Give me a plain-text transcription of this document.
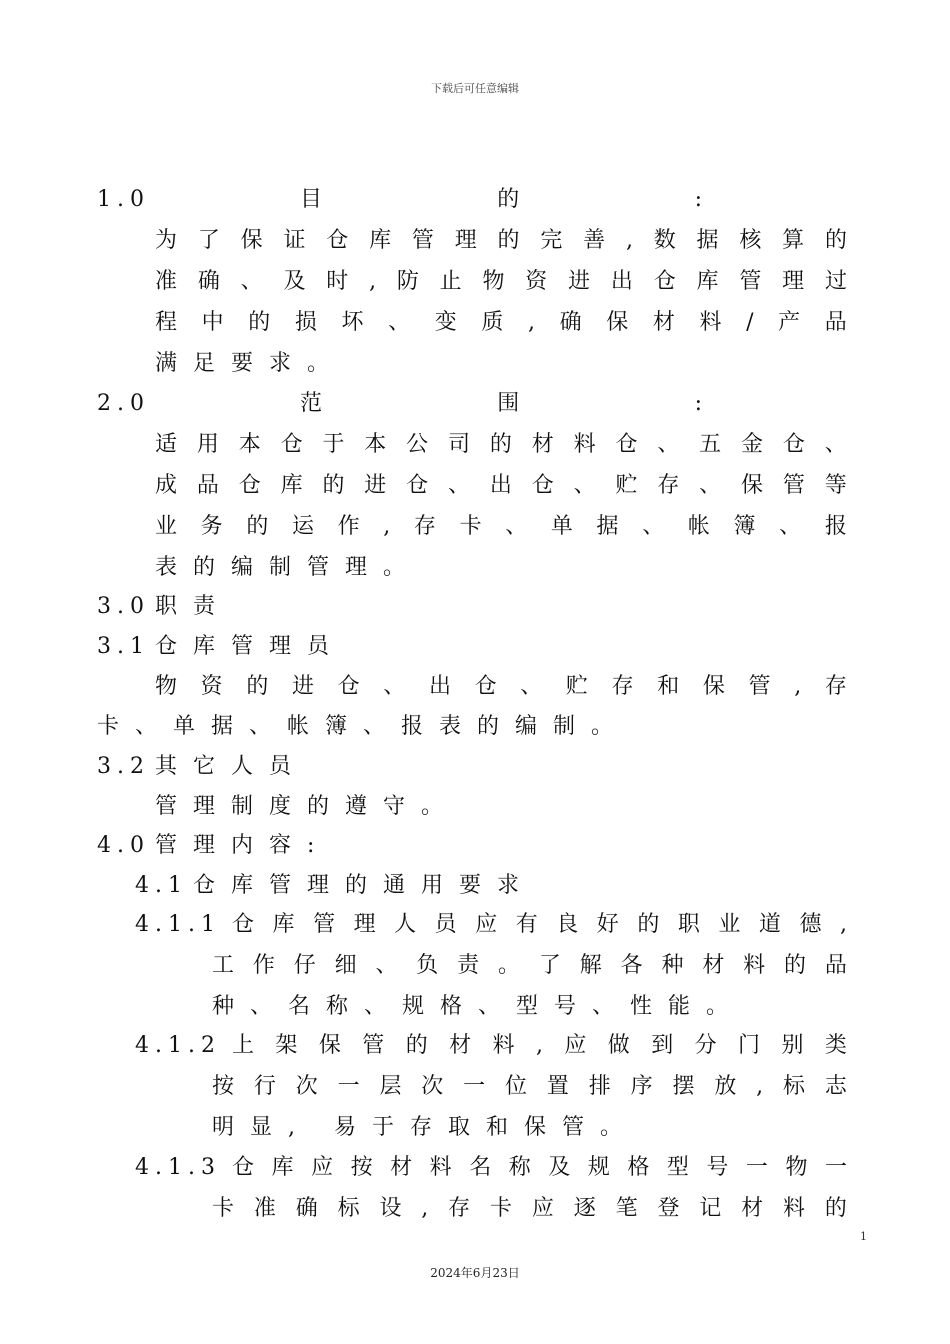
下载后可任意编辑
1.0	目	的	:
为 了 保 证 仓 库 管 理 的 完 善 , 数 据 核 算 的
准 确 、 及 时 , 防 止 物 资 进 出 仓 库 管 理 过
程 中 的 损 坏 、 变 质 , 确 保 材 料 / 产 品
满足要求。
2.0	范	围	:
适 用 本 仓 于 本 公 司 的 材 料 仓 、 五 金 仓 、
成 品 仓 库 的 进 仓 、 出 仓 、 贮 存 、 保 管 等
业 务 的 运 作 , 存 卡 、 单 据 、 帐 簿 、 报
表的编制管理。
3.0 职责
3.1 仓库管理员
物 资 的 进 仓 、 出 仓 、 贮 存 和 保 管 , 存
卡、单据、帐簿、报表的编制。
3.2 其它人员
管理制度的遵守。
4.0 管理内容:
4.1 仓库管理的通用要求
4.1.1 仓 库 管 理 人 员 应 有 良 好 的 职 业 道 德 ,
工 作 仔 细 、 负 责 。 了 解 各 种 材 料 的 品
种、名称、规格、型号、性能。
4.1.2 上 架 保 管 的 材 料 , 应 做 到 分 门 别 类
按 行 次 一 层 次 一 位 置 排 序 摆 放 , 标 志
明显, 易于存取和保管。
4.1.3 仓 库 应 按 材 料 名 称 及 规 格 型 号 一 物 一
卡 准 确 标 设 , 存 卡 应 逐 笔 登 记 材 料 的
1
2024年6月23日
